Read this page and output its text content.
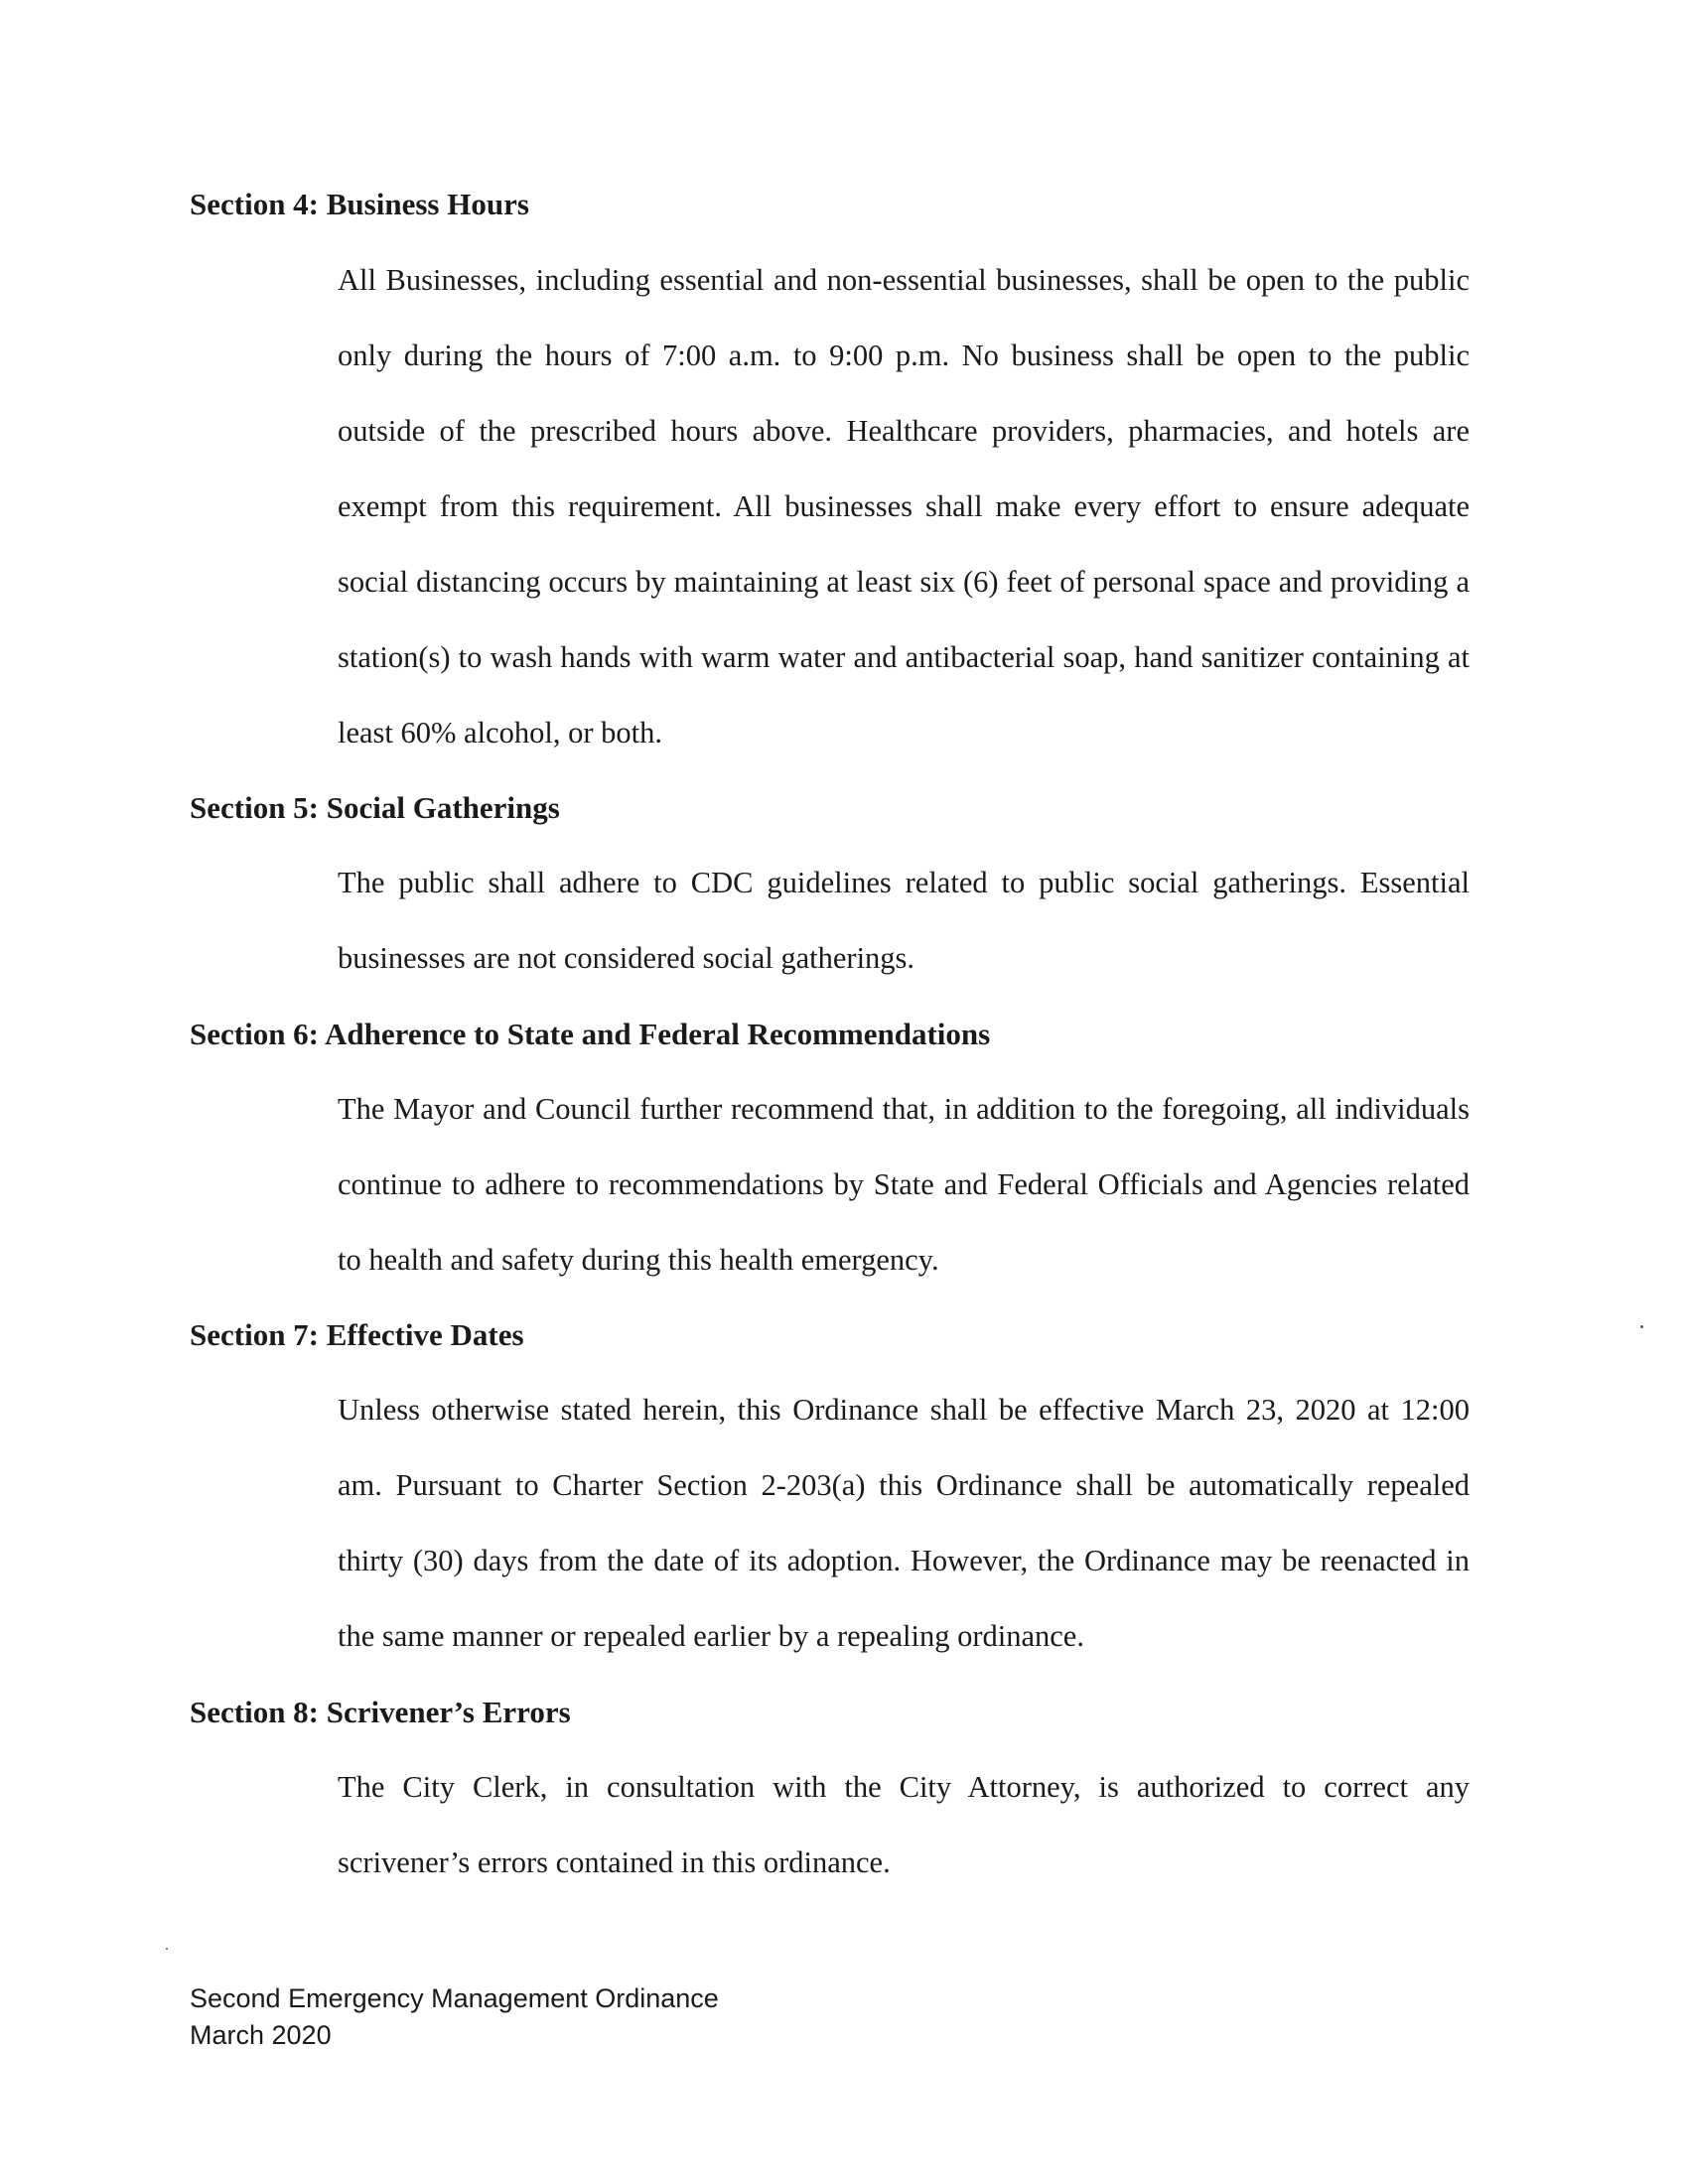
Section 4: Business Hours

All Businesses, including essential and non-essential businesses, shall be open to the public only during the hours of 7:00 a.m. to 9:00 p.m. No business shall be open to the public outside of the prescribed hours above. Healthcare providers, pharmacies, and hotels are exempt from this requirement. All businesses shall make every effort to ensure adequate social distancing occurs by maintaining at least six (6) feet of personal space and providing a station(s) to wash hands with warm water and antibacterial soap, hand sanitizer containing at least 60% alcohol, or both.

Section 5: Social Gatherings

The public shall adhere to CDC guidelines related to public social gatherings. Essential businesses are not considered social gatherings.

Section 6: Adherence to State and Federal Recommendations

The Mayor and Council further recommend that, in addition to the foregoing, all individuals continue to adhere to recommendations by State and Federal Officials and Agencies related to health and safety during this health emergency.

Section 7: Effective Dates

Unless otherwise stated herein, this Ordinance shall be effective March 23, 2020 at 12:00 am. Pursuant to Charter Section 2-203(a) this Ordinance shall be automatically repealed thirty (30) days from the date of its adoption. However, the Ordinance may be reenacted in the same manner or repealed earlier by a repealing ordinance.

Section 8: Scrivener’s Errors

The City Clerk, in consultation with the City Attorney, is authorized to correct any scrivener’s errors contained in this ordinance.

Second Emergency Management Ordinance
March 2020
